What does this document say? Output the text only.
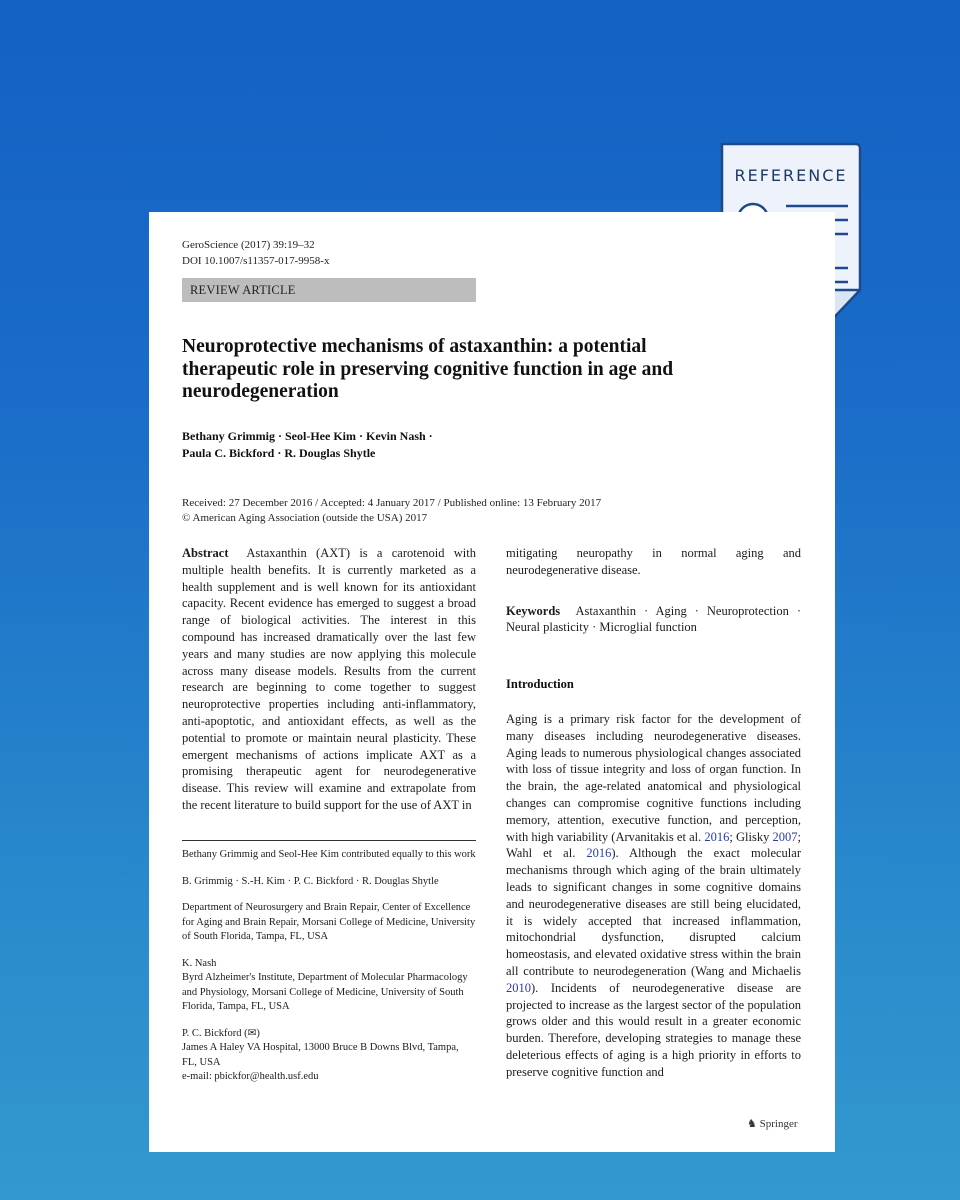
REFERENCE
GeroScience (2017) 39:19–32
DOI 10.1007/s11357-017-9958-x
REVIEW ARTICLE
Neuroprotective mechanisms of astaxanthin: a potential therapeutic role in preserving cognitive function in age and neurodegeneration
Bethany Grimmig · Seol-Hee Kim · Kevin Nash ·
Paula C. Bickford · R. Douglas Shytle
Received: 27 December 2016 / Accepted: 4 January 2017 / Published online: 13 February 2017
© American Aging Association (outside the USA) 2017

Abstract Astaxanthin (AXT) is a carotenoid with multiple health benefits. It is currently marketed as a health supplement and is well known for its antioxidant capacity. Recent evidence has emerged to suggest a broad range of biological activities. The interest in this compound has increased dramatically over the last few years and many studies are now applying this molecule across many disease models. Results from the current research are beginning to come together to suggest neuroprotective properties including anti-inflammatory, anti-apoptotic, and antioxidant effects, as well as the potential to promote or maintain neural plasticity. These emergent mechanisms of actions implicate AXT as a promising therapeutic agent for neurodegenerative disease. This review will examine and extrapolate from the recent literature to build support for the use of AXT in

Bethany Grimmig and Seol-Hee Kim contributed equally to this work

B. Grimmig · S.-H. Kim · P. C. Bickford · R. Douglas Shytle

Department of Neurosurgery and Brain Repair, Center of Excellence for Aging and Brain Repair, Morsani College of Medicine, University of South Florida, Tampa, FL, USA

K. Nash
Byrd Alzheimer's Institute, Department of Molecular Pharmacology and Physiology, Morsani College of Medicine, University of South Florida, Tampa, FL, USA

P. C. Bickford (✉)
James A Haley VA Hospital, 13000 Bruce B Downs Blvd, Tampa, FL, USA
e-mail: pbickfor@health.usf.edu

mitigating neuropathy in normal aging and neurodegenerative disease.

Keywords Astaxanthin · Aging · Neuroprotection · Neural plasticity · Microglial function

Introduction

Aging is a primary risk factor for the development of many diseases including neurodegenerative diseases. Aging leads to numerous physiological changes associated with loss of tissue integrity and loss of organ function. In the brain, the age-related anatomical and physiological changes can compromise cognitive functions including memory, attention, executive function, and perception, with high variability (Arvanitakis et al. 2016; Glisky 2007; Wahl et al. 2016). Although the exact molecular mechanisms through which aging of the brain ultimately leads to significant changes in some cognitive domains and neurodegenerative diseases are still being elucidated, it is widely accepted that increased inflammation, mitochondrial dysfunction, disrupted calcium homeostasis, and elevated oxidative stress within the brain all contribute to neurodegeneration (Wang and Michaelis 2010). Incidents of neurodegenerative disease are projected to increase as the largest sector of the population grows older and this would result in a greater economic burden. Therefore, developing strategies to manage these deleterious effects of aging is a high priority in efforts to preserve cognitive function and

♞ Springer
